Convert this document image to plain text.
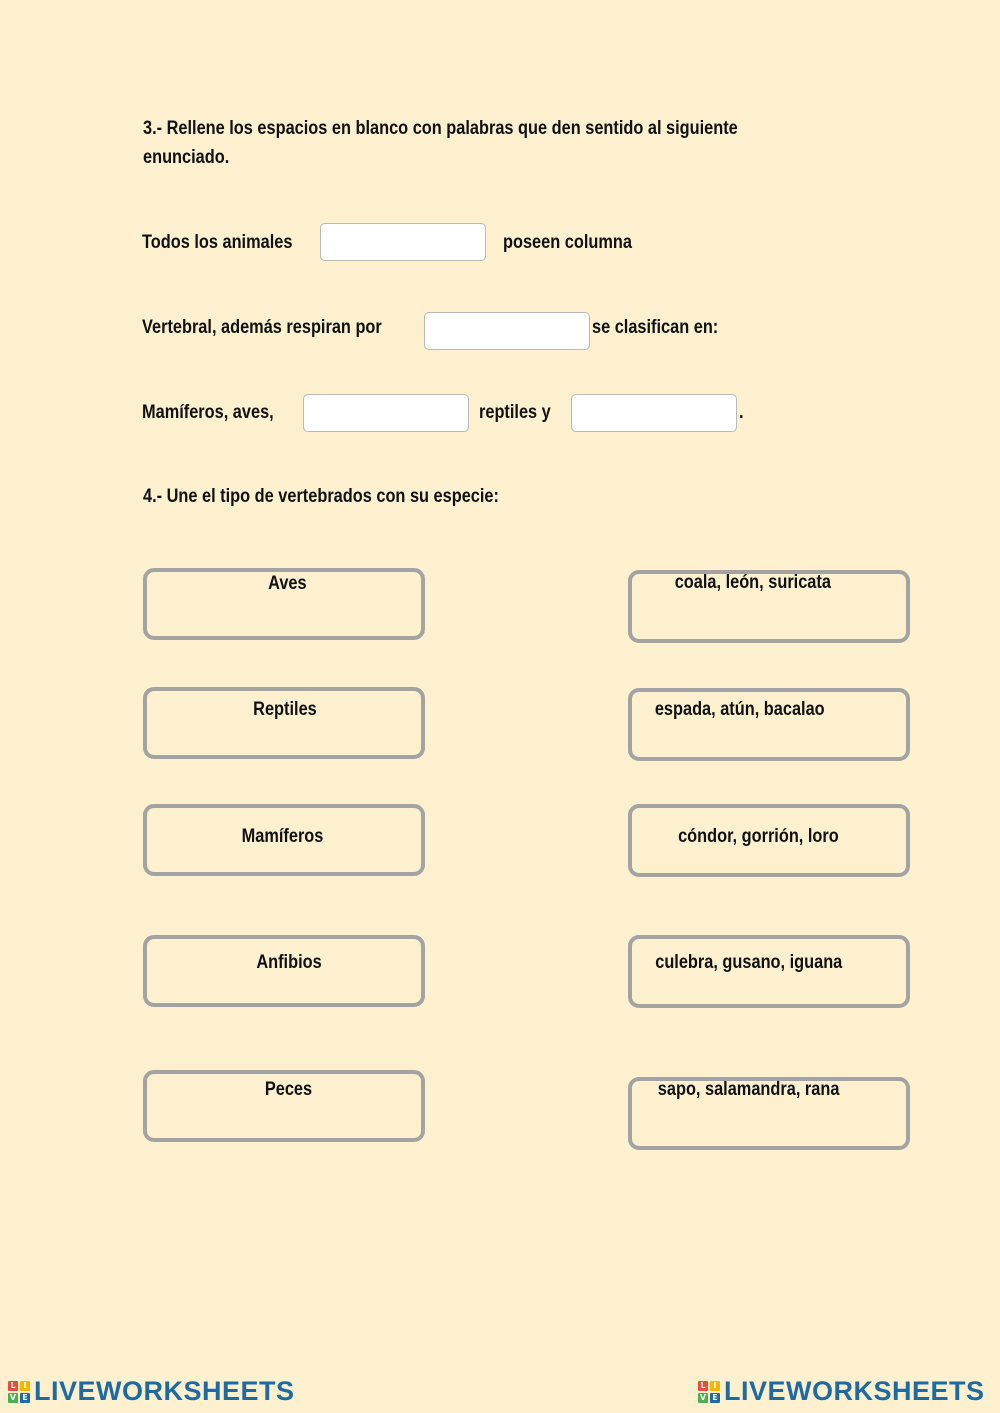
3.- Rellene los espacios en blanco con palabras que den sentido al siguiente
enunciado.
Todos los animales	poseen columna
Vertebral, además respiran por	se clasifican en:
Mamíferos, aves,	reptiles y	.
4.- Une el tipo de vertebrados con su especie:
Aves
Reptiles
Mamíferos
Anfibios
Peces
coala, león, suricata
espada, atún, bacalao
cóndor, gorrión, loro
culebra, gusano, iguana
sapo, salamandra, rana
L I
V E LIVEWORKSHEETS	L I
V E LIVEWORKSHEETS
